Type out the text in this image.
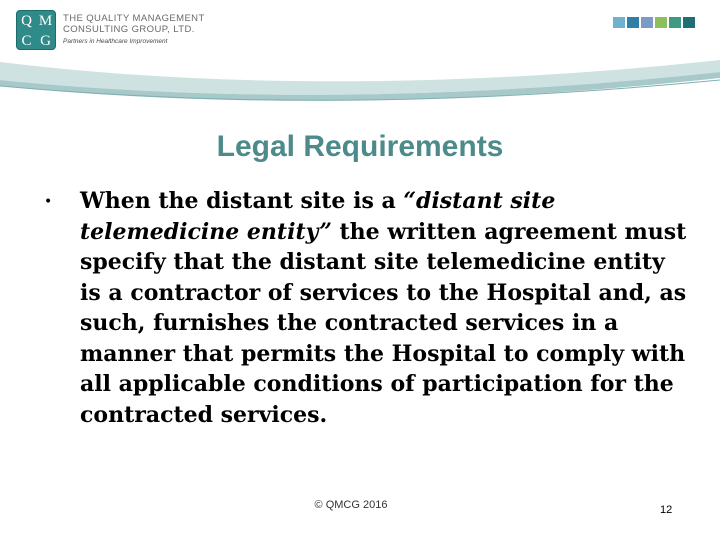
Q M
C G
THE QUALITY MANAGEMENT
CONSULTING GROUP, LTD.
Partners in Healthcare Improvement
Legal Requirements
• When the distant site is a “distant site telemedicine entity” the written agreement must specify that the distant site telemedicine entity is a contractor of services to the Hospital and, as such, furnishes the contracted services in a manner that permits the Hospital to comply with all applicable conditions of participation for the contracted services.
© QMCG 2016	12
